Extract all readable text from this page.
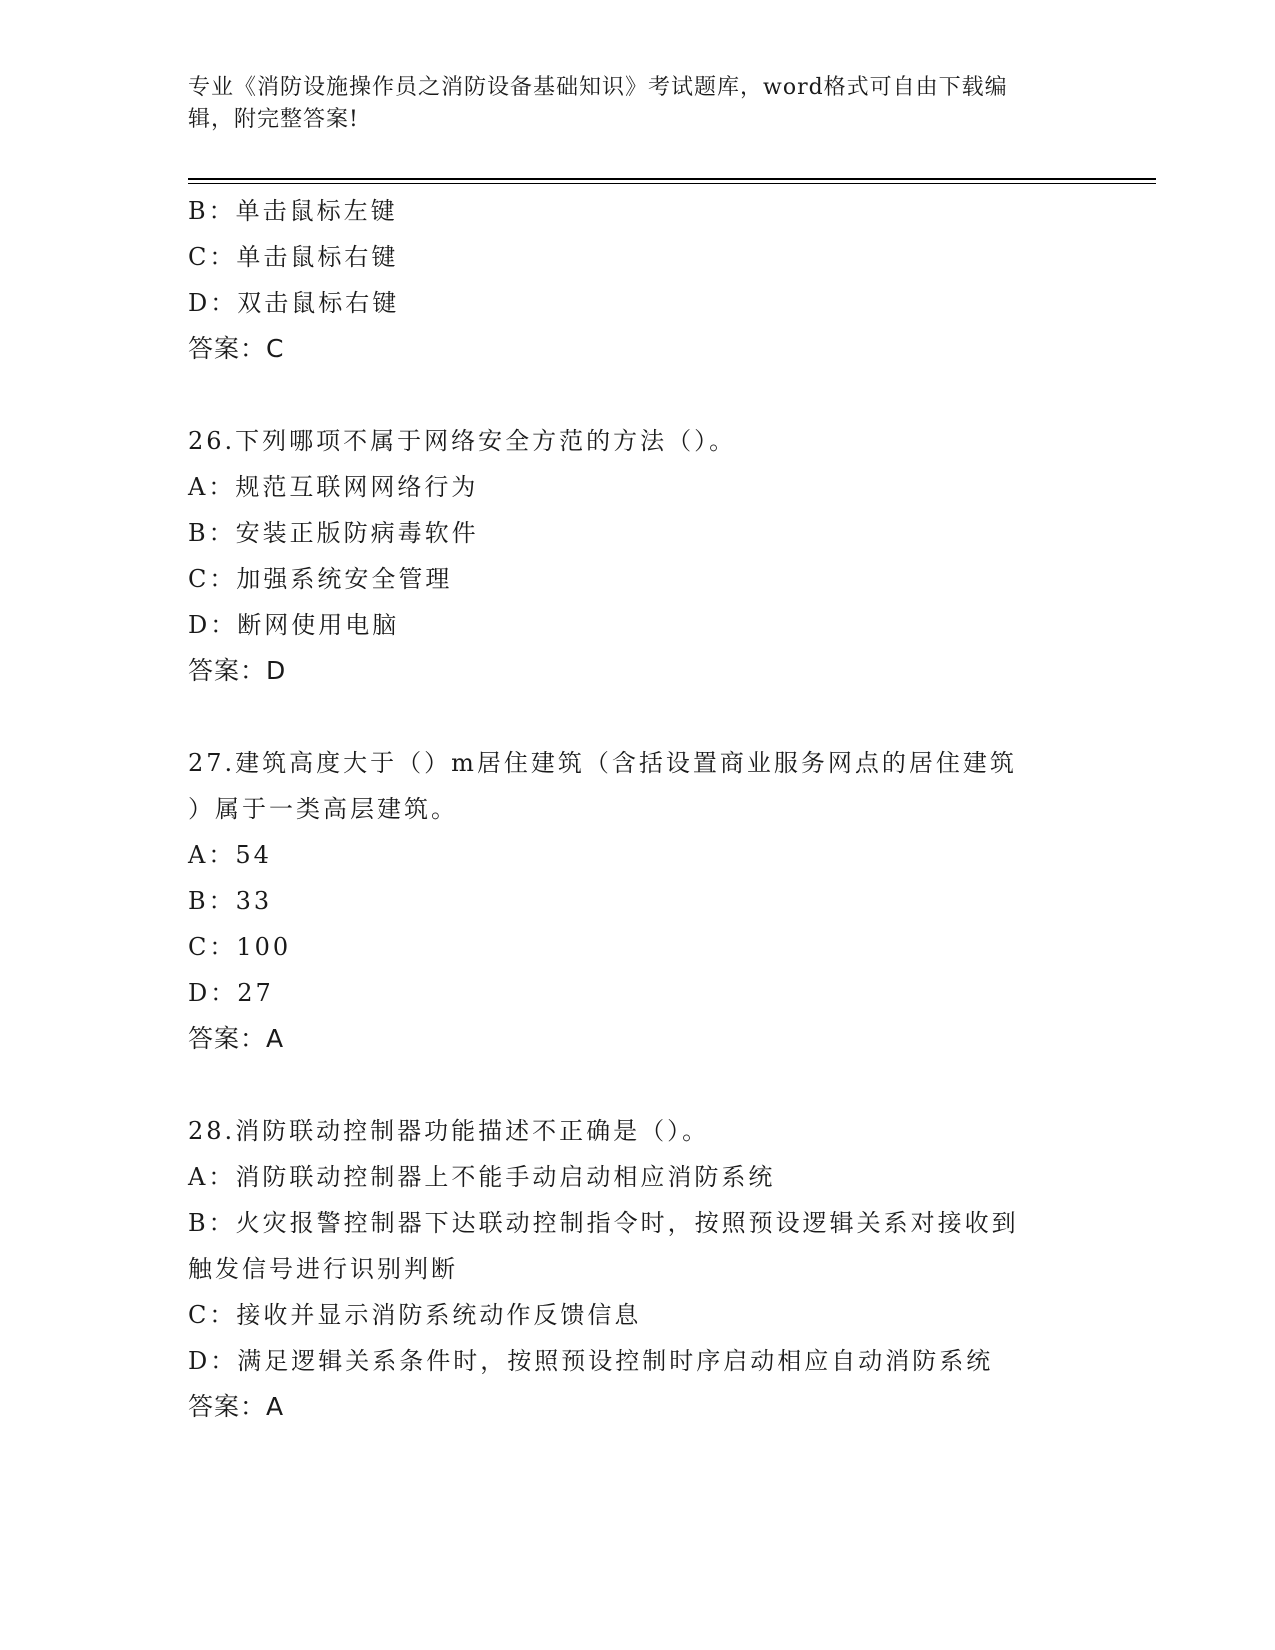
专业《消防设施操作员之消防设备基础知识》考试题库，word格式可自由下载编
辑，附完整答案!
B：单击鼠标左键
C：单击鼠标右键
D：双击鼠标右键
答案：C
26.下列哪项不属于网络安全方范的方法（）。
A：规范互联网网络行为
B：安装正版防病毒软件
C：加强系统安全管理
D：断网使用电脑
答案：D
27.建筑高度大于（）m居住建筑（含括设置商业服务网点的居住建筑
）属于一类高层建筑。
A：54
B：33
C：100
D：27
答案：A
28.消防联动控制器功能描述不正确是（）。
A：消防联动控制器上不能手动启动相应消防系统
B：火灾报警控制器下达联动控制指令时，按照预设逻辑关系对接收到
触发信号进行识别判断
C：接收并显示消防系统动作反馈信息
D：满足逻辑关系条件时，按照预设控制时序启动相应自动消防系统
答案：A
